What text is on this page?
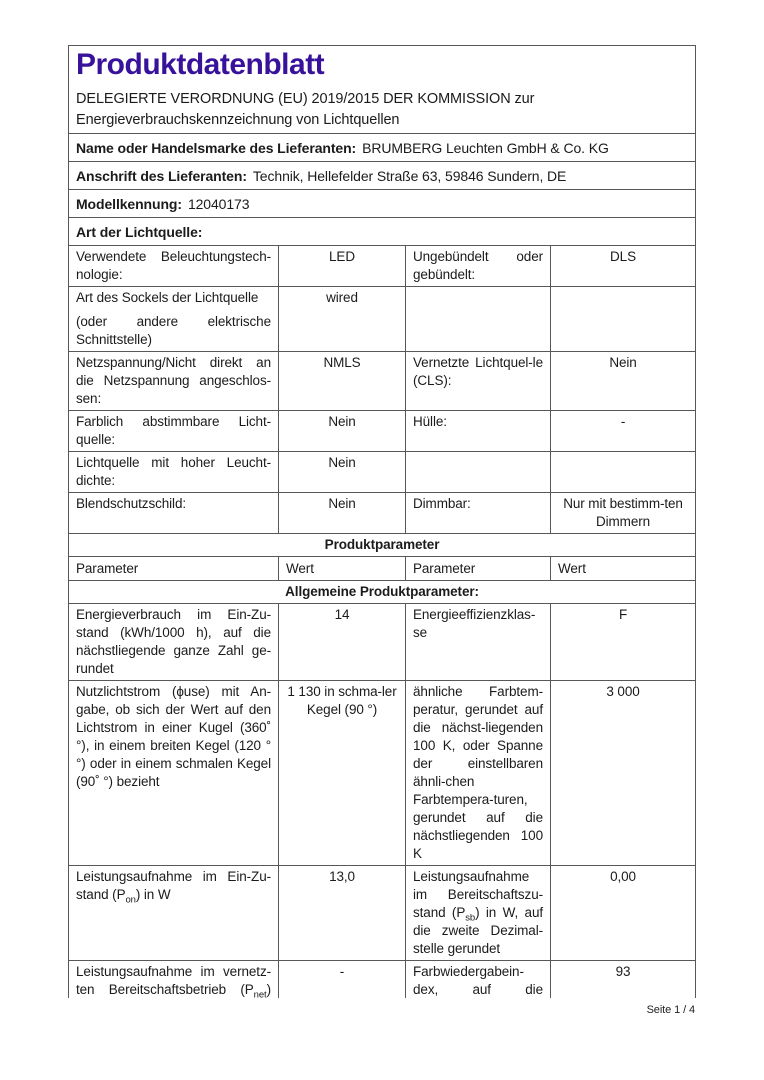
Produktdatenblatt
DELEGIERTE VERORDNUNG (EU) 2019/2015 DER KOMMISSION zur
Energieverbrauchskennzeichnung von Lichtquellen

Name oder Handelsmarke des Lieferanten: BRUMBERG Leuchten GmbH & Co. KG			
Anschrift des Lieferanten: Technik, Hellefelder Straße 63, 59846 Sundern, DE			
Modellkennung: 12040173			
Art der Lichtquelle:			
Verwendete Beleuchtungstech-nologie:	LED	Ungebündelt oder gebündelt:	DLS

Art des Sockels der Lichtquelle

(oder andere elektrische Schnittstelle)	wired		
Netzspannung/Nicht direkt an die Netzspannung angeschlos-sen:	NMLS	Vernetzte Lichtquel-le (CLS):	Nein
Farblich abstimmbare Licht-quelle:	Nein	Hülle:	-
Lichtquelle mit hoher Leucht-dichte:	Nein		
Blendschutzschild:	Nein	Dimmbar:	Nur mit bestimm-ten Dimmern
Produktparameter			
Parameter	Wert	Parameter	Wert
Allgemeine Produktparameter:			
Energieverbrauch im Ein-Zu-stand (kWh/1000 h), auf die nächstliegende ganze Zahl ge-rundet	14	Energieeffizienzklas-se	F
Nutzlichtstrom (ϕuse) mit An-gabe, ob sich der Wert auf den Lichtstrom in einer Kugel (360˚ °), in einem breiten Kegel (120 °°) oder in einem schmalen Kegel (90˚ °) bezieht	1 130 in schma-ler Kegel (90 °)	ähnliche Farbtem-peratur, gerundet auf die nächst-liegenden 100 K, oder Spanne der einstellbaren ähnli-chen Farbtempera-turen, gerundet auf die nächstliegenden 100 K	3 000
Leistungsaufnahme im Ein-Zu-stand $(P_{on})$ in W	13,0	Leistungsaufnahme im Bereitschaftszu-stand $(P_{sb})$ in W, auf die zweite Dezimal-stelle gerundet	0,00
Leistungsaufnahme im vernetz-ten Bereitschaftsbetrieb $(P_{net})$	-	Farbwiedergabein-dex, auf die	93
Seite 1 / 4
